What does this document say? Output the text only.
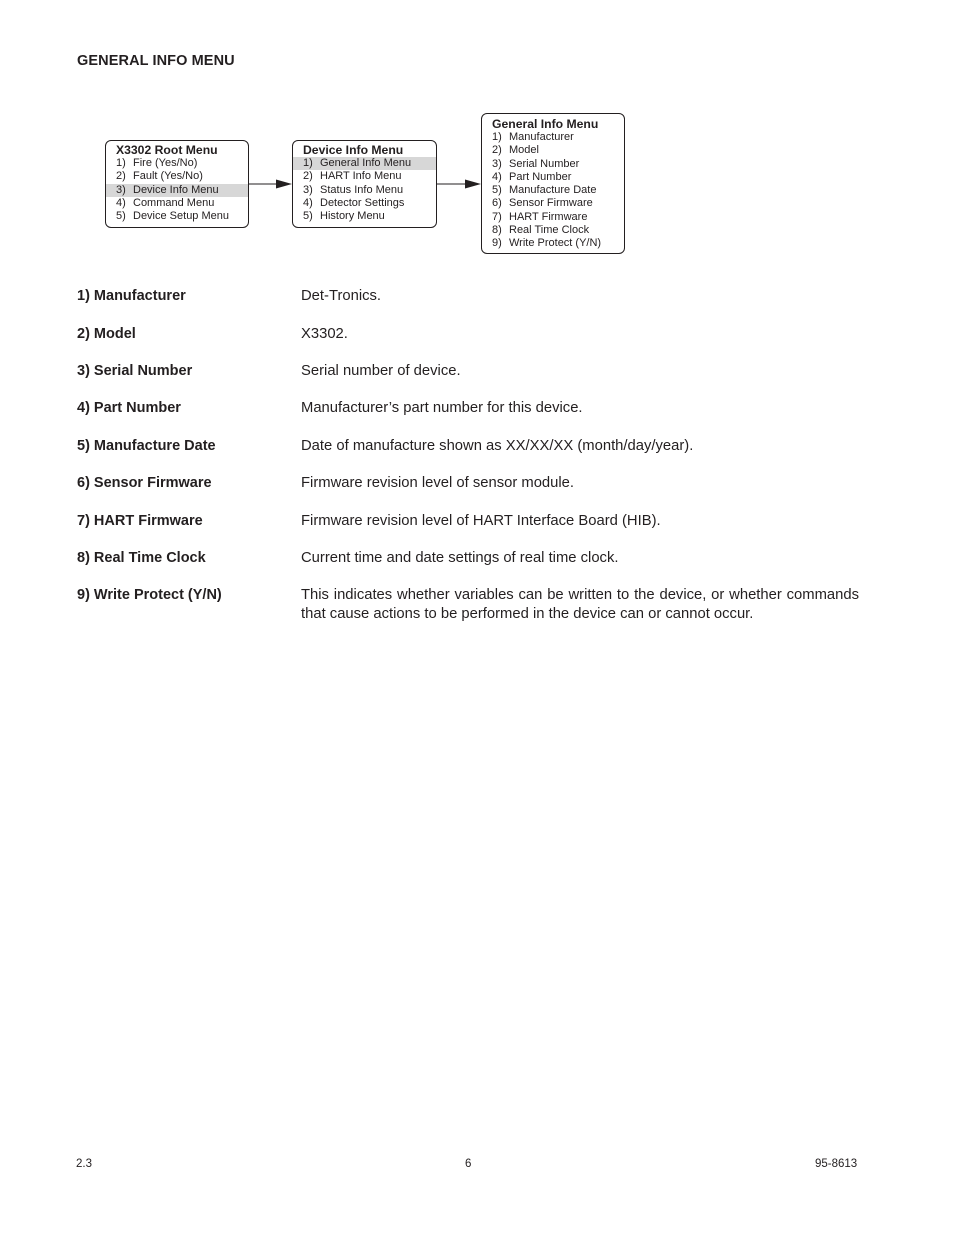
GENERAL INFO MENU
X3302 Root Menu
1) Fire (Yes/No)
2) Fault (Yes/No)
3) Device Info Menu
4) Command Menu
5) Device Setup Menu
Device Info Menu
1) General Info Menu
2) HART Info Menu
3) Status Info Menu
4) Detector Settings
5) History Menu
General Info Menu
1) Manufacturer
2) Model
3) Serial Number
4) Part Number
5) Manufacture Date
6) Sensor Firmware
7) HART Firmware
8) Real Time Clock
9) Write Protect (Y/N)
1) Manufacturer	Det-Tronics.
2) Model	X3302.
3) Serial Number	Serial number of device.
4) Part Number	Manufacturer’s part number for this device.
5) Manufacture Date	Date of manufacture shown as XX/XX/XX (month/day/year).
6) Sensor Firmware	Firmware revision level of sensor module.
7) HART Firmware	Firmware revision level of HART Interface Board (HIB).
8) Real Time Clock	Current time and date settings of real time clock.
9) Write Protect (Y/N)	This indicates whether variables can be written to the device, or whether commands that cause actions to be performed in the device can or cannot occur.
2.3	6	95-8613
